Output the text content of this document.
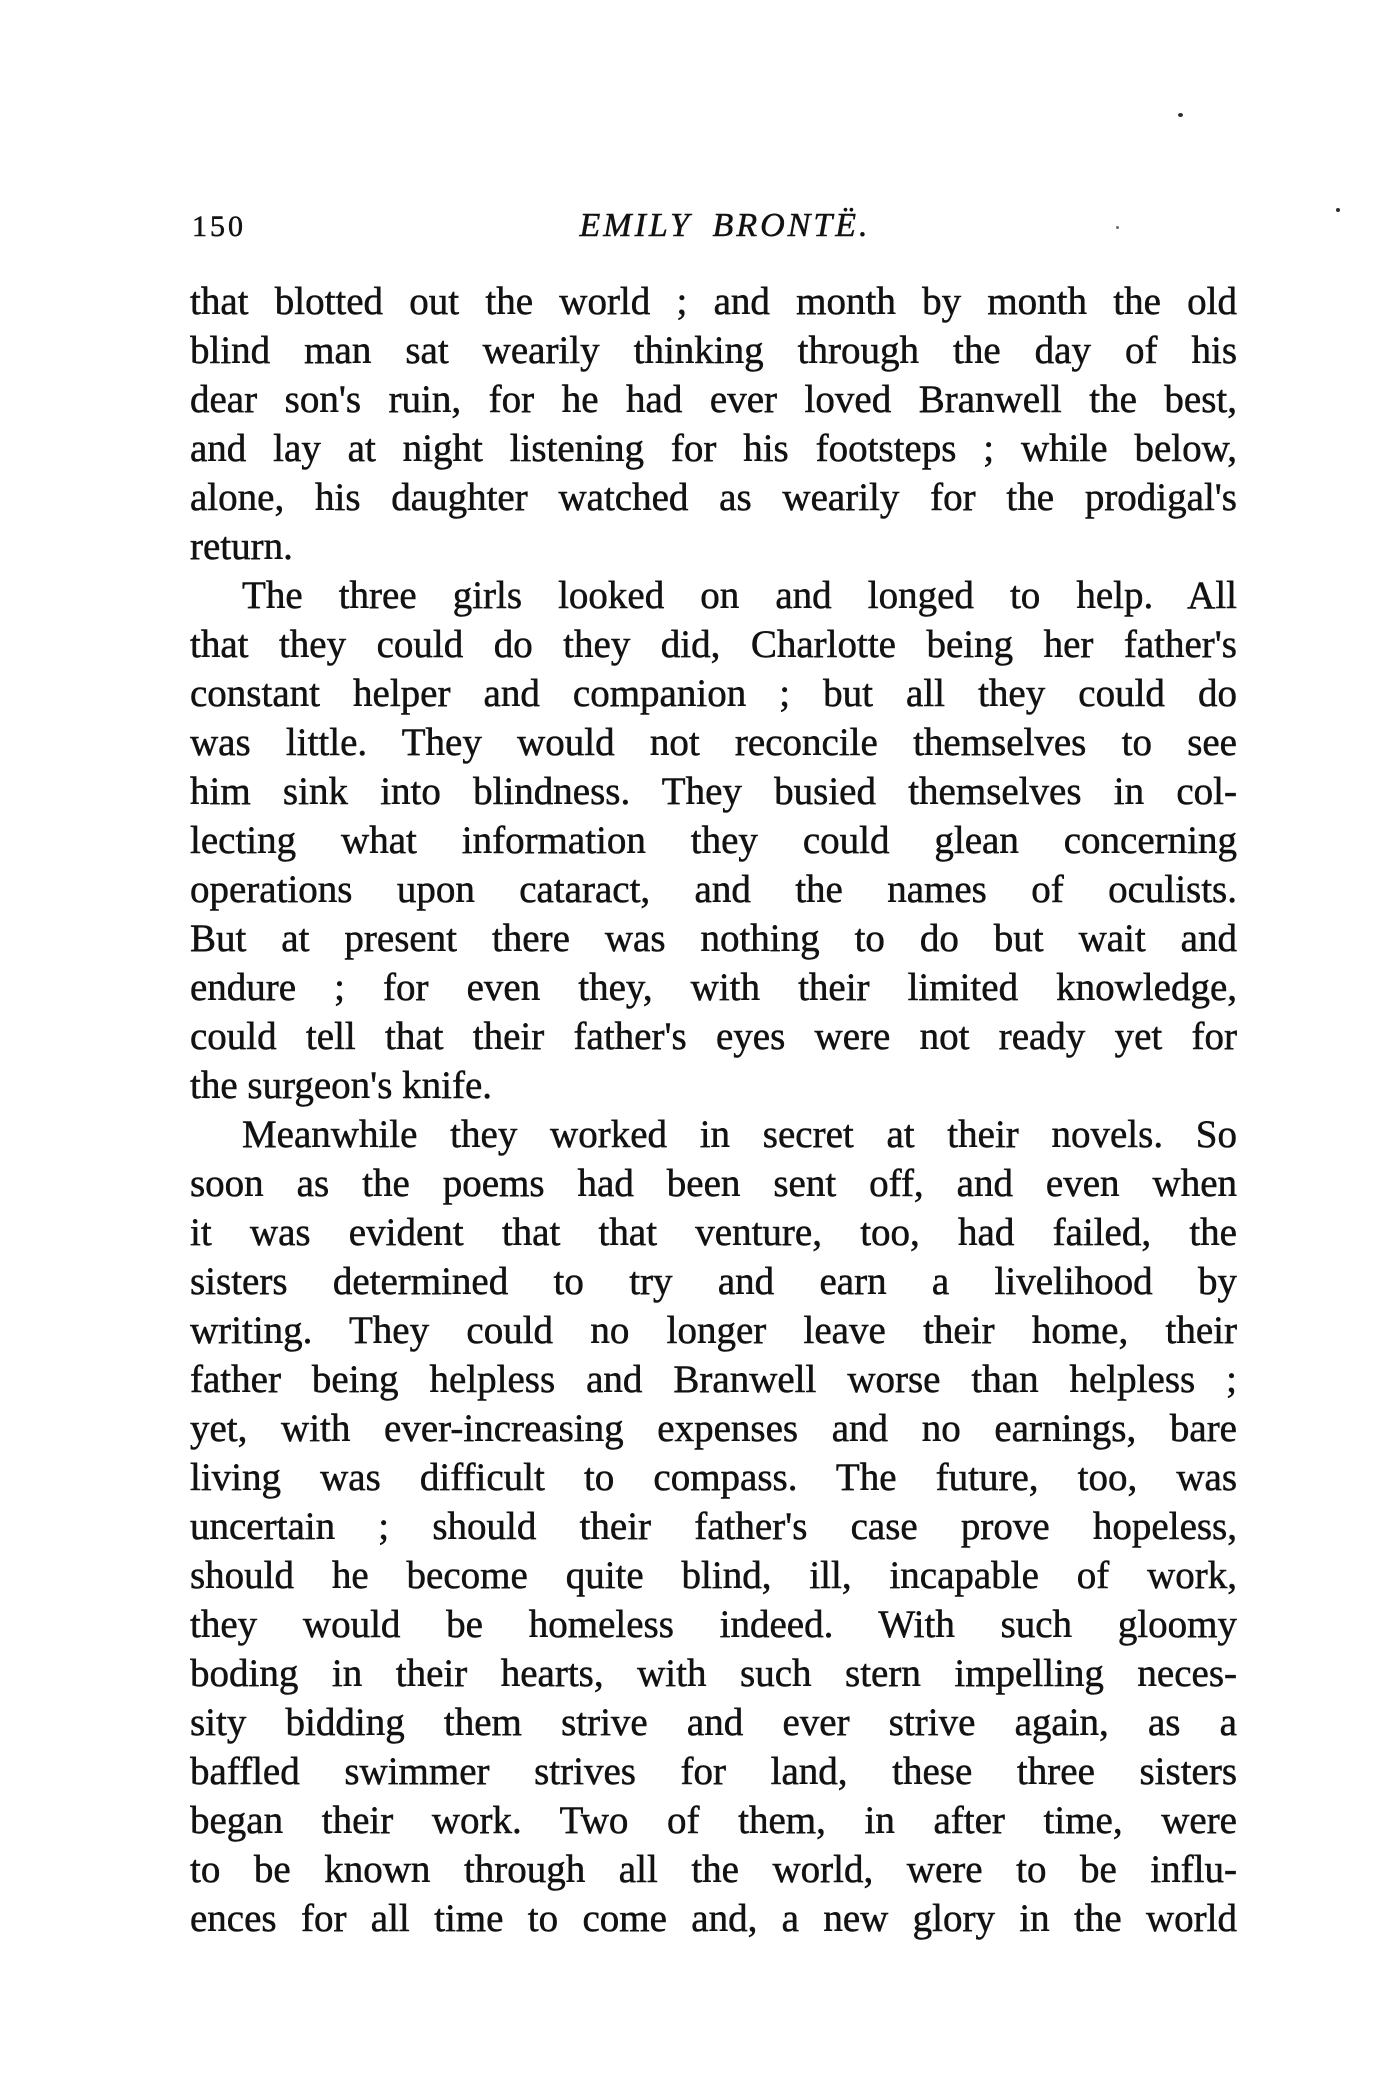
150	EMILY BRONTË.
that blotted out the world ; and month by month the old
blind man sat wearily thinking through the day of his
dear son's ruin, for he had ever loved Branwell the best,
and lay at night listening for his footsteps ; while below,
alone, his daughter watched as wearily for the prodigal's
return.
The three girls looked on and longed to help. All
that they could do they did, Charlotte being her father's
constant helper and companion ; but all they could do
was little. They would not reconcile themselves to see
him sink into blindness. They busied themselves in col-
lecting what information they could glean concerning
operations upon cataract, and the names of oculists.
But at present there was nothing to do but wait and
endure ; for even they, with their limited knowledge,
could tell that their father's eyes were not ready yet for
the surgeon's knife.
Meanwhile they worked in secret at their novels. So
soon as the poems had been sent off, and even when
it was evident that that venture, too, had failed, the
sisters determined to try and earn a livelihood by
writing. They could no longer leave their home, their
father being helpless and Branwell worse than helpless ;
yet, with ever-increasing expenses and no earnings, bare
living was difficult to compass. The future, too, was
uncertain ; should their father's case prove hopeless,
should he become quite blind, ill, incapable of work,
they would be homeless indeed. With such gloomy
boding in their hearts, with such stern impelling neces-
sity bidding them strive and ever strive again, as a
baffled swimmer strives for land, these three sisters
began their work. Two of them, in after time, were
to be known through all the world, were to be influ-
ences for all time to come and, a new glory in the world
